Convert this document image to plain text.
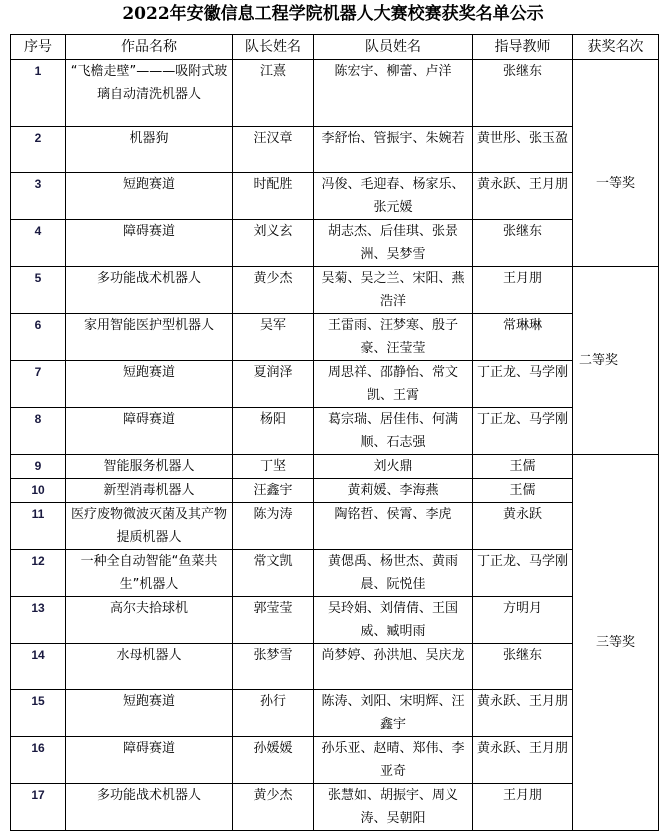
2022年安徽信息工程学院机器人大赛校赛获奖名单公示
序号	作品名称	队长姓名	队员姓名	指导教师	获奖名次
1	“飞檐走壁”———吸附式玻璃自动清洗机器人	江熹	陈宏宇、柳蕾、卢洋	张继东	一等奖
2	机器狗	汪汉章	李舒怡、管振宇、朱婉若	黄世彤、张玉盈	
3	短跑赛道	时配胜	冯俊、毛迎春、杨家乐、张元媛	黄永跃、王月朋	
4	障碍赛道	刘义玄	胡志杰、后佳琪、张景洲、吴梦雪	张继东	
5	多功能战术机器人	黄少杰	吴菊、吴之兰、宋阳、燕浩洋	王月朋	二等奖
6	家用智能医护型机器人	吴军	王雷雨、汪梦寒、殷子豪、汪莹莹	常琳琳	
7	短跑赛道	夏润泽	周思祥、邵静怡、常文凯、王霄	丁正龙、马学刚	
8	障碍赛道	杨阳	葛宗瑞、居佳伟、何满顺、石志强	丁正龙、马学刚	
9	智能服务机器人	丁坚	刘火鼎	王儒	三等奖
10	新型消毒机器人	汪鑫宇	黄莉媛、李海燕	王儒	
11	医疗废物微波灭菌及其产物提质机器人	陈为涛	陶铭哲、侯霄、李虎	黄永跃	
12	一种全自动智能“鱼菜共生”机器人	常文凯	黄偲禹、杨世杰、黄雨晨、阮悦佳	丁正龙、马学刚	
13	高尔夫拾球机	郭莹莹	吴玲娟、刘倩倩、王国威、臧明雨	方明月	
14	水母机器人	张梦雪	尚梦婷、孙洪旭、吴庆龙	张继东	
15	短跑赛道	孙行	陈涛、刘阳、宋明辉、汪鑫宇	黄永跃、王月朋	
16	障碍赛道	孙媛媛	孙乐亚、赵晴、郑伟、李亚奇	黄永跃、王月朋	
17	多功能战术机器人	黄少杰	张慧如、胡振宇、周义涛、吴朝阳	王月朋	
